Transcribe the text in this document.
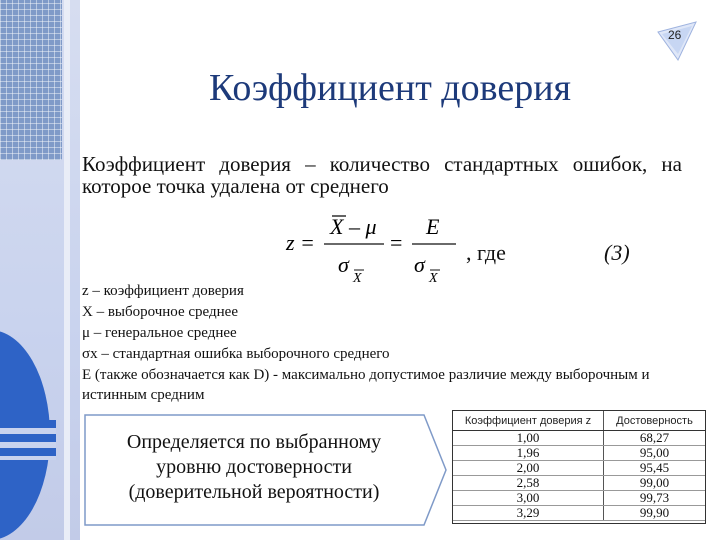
26
Коэффициент доверия
Коэффициент доверия – количество стандартных ошибок, на которое точка удалена от среднего
z =
X – μ
σ
X
=
E
σ
X
, где	(3)
z – коэффициент доверия
X – выборочное среднее
μ – генеральное среднее
σx – стандартная ошибка выборочного среднего
E (также обозначается как D) - максимально допустимое различие между выборочным и истинным средним
Определяется по выбранному уровню достоверности (доверительной вероятности)
Коэффициент доверия z	Достоверность
1,00	68,27
1,96	95,00
2,00	95,45
2,58	99,00
3,00	99,73
3,29	99,90
